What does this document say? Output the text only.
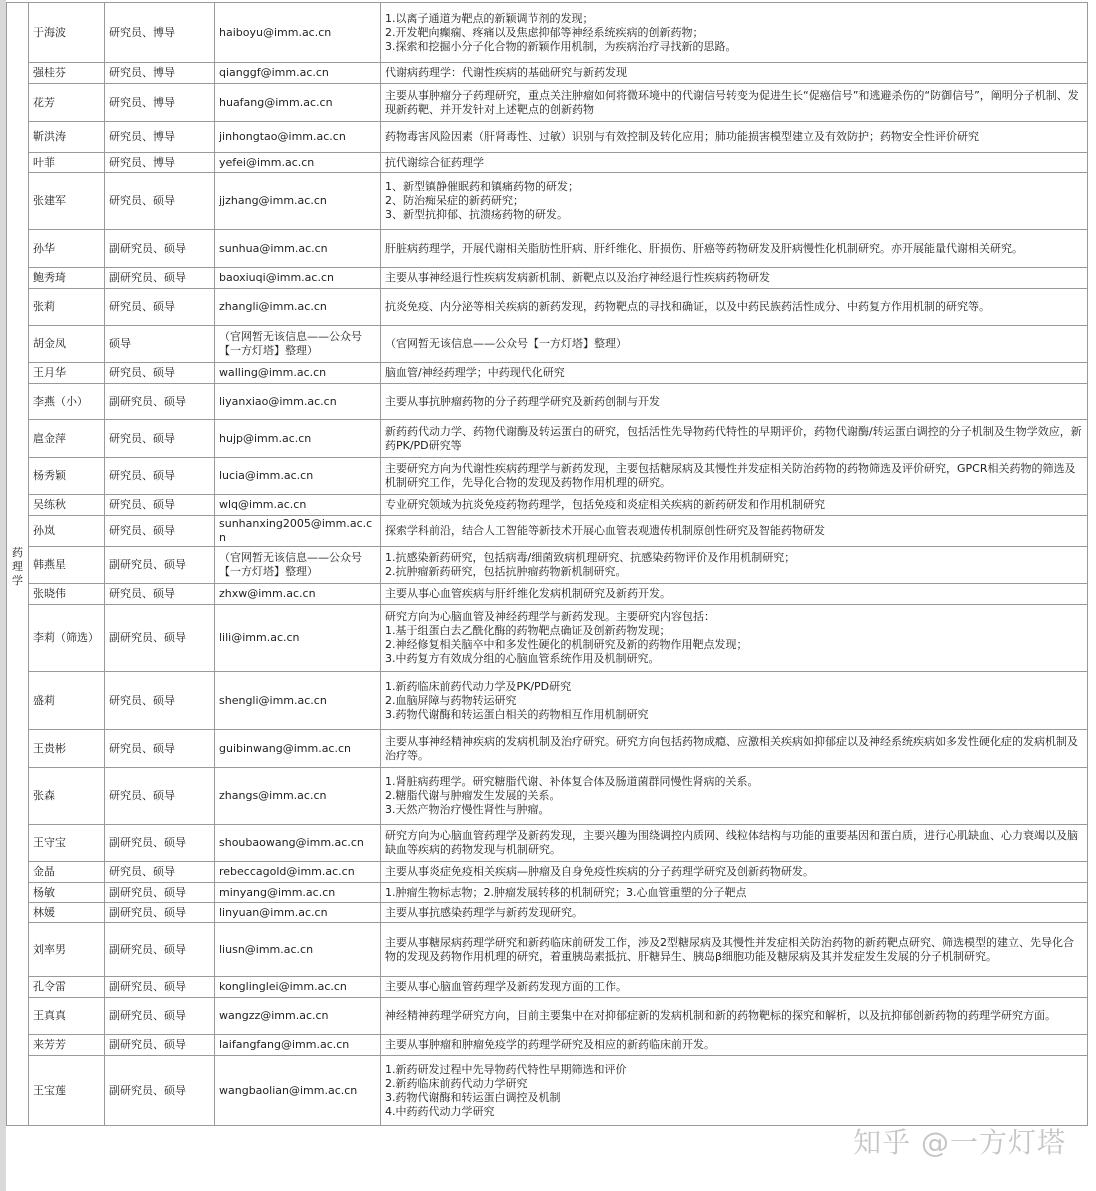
药理学	于海波	研究员、博导	haiboyu@imm.ac.cn	1.以离子通道为靶点的新颖调节剂的发现；
2.开发靶向癫痫、疼痛以及焦虑抑郁等神经系统疾病的创新药物；
3.探索和挖掘小分子化合物的新颖作用机制，为疾病治疗寻找新的思路。

	强桂芬	研究员、博导	qianggf@imm.ac.cn	代谢病药理学：代谢性疾病的基础研究与新药发现

	花芳	研究员、博导	huafang@imm.ac.cn	主要从事肿瘤分子药理研究，重点关注肿瘤如何将微环境中的代谢信号转变为促进生长“促癌信号”和逃避杀伤的“防御信号”，阐明分子机制、发现新药靶、并开发针对上述靶点的创新药物

	靳洪涛	研究员、博导	jinhongtao@imm.ac.cn	药物毒害风险因素（肝肾毒性、过敏）识别与有效控制及转化应用；肺功能损害模型建立及有效防护；药物安全性评价研究

	叶菲	研究员、博导	yefei@imm.ac.cn	抗代谢综合征药理学

	张建军	研究员、硕导	jjzhang@imm.ac.cn	1、新型镇静催眠药和镇痛药物的研发；
2、防治痴呆症的新药研究；
3、新型抗抑郁、抗溃疡药物的研发。

	孙华	副研究员、硕导	sunhua@imm.ac.cn	肝脏病药理学，开展代谢相关脂肪性肝病、肝纤维化、肝损伤、肝癌等药物研发及肝病慢性化机制研究。亦开展能量代谢相关研究。

	鲍秀琦	副研究员、硕导	baoxiuqi@imm.ac.cn	主要从事神经退行性疾病发病新机制、新靶点以及治疗神经退行性疾病药物研发

	张莉	研究员、硕导	zhangli@imm.ac.cn	抗炎免疫、内分泌等相关疾病的新药发现，药物靶点的寻找和确证，以及中药民族药活性成分、中药复方作用机制的研究等。

	胡金凤	硕导	（官网暂无该信息——公众号【一方灯塔】整理）	（官网暂无该信息——公众号【一方灯塔】整理）

	王月华	研究员、硕导	walling@imm.ac.cn	脑血管/神经药理学；中药现代化研究

	李燕（小）	副研究员、硕导	liyanxiao@imm.ac.cn	主要从事抗肿瘤药物的分子药理学研究及新药创制与开发

	扈金萍	研究员、硕导	hujp@imm.ac.cn	新药药代动力学、药物代谢酶及转运蛋白的研究，包括活性先导物药代特性的早期评价，药物代谢酶/转运蛋白调控的分子机制及生物学效应，新药PK/PD研究等

	杨秀颖	研究员、硕导	lucia@imm.ac.cn	主要研究方向为代谢性疾病药理学与新药发现，主要包括糖尿病及其慢性并发症相关防治药物的药物筛选及评价研究，GPCR相关药物的筛选及机制研究工作，先导化合物的发现及药物作用机理的研究。

	吴练秋	研究员、硕导	wlq@imm.ac.cn	专业研究领域为抗炎免疫药物药理学，包括免疫和炎症相关疾病的新药研发和作用机制研究

	孙岚	研究员、硕导	sunhanxing2005@imm.ac.cn	探索学科前沿，结合人工智能等新技术开展心血管表观遗传机制原创性研究及智能药物研发

	韩燕星	副研究员、硕导	（官网暂无该信息——公众号【一方灯塔】整理）	1.抗感染新药研究，包括病毒/细菌致病机理研究、抗感染药物评价及作用机制研究；
2.抗肿瘤新药研究，包括抗肿瘤药物新机制研究。

	张晓伟	研究员、硕导	zhxw@imm.ac.cn	主要从事心血管疾病与肝纤维化发病机制研究及新药开发。

	李莉（筛选）	副研究员、硕导	lili@imm.ac.cn	研究方向为心脑血管及神经药理学与新药发现。主要研究内容包括：
1.基于组蛋白去乙酰化酶的药物靶点确证及创新药物发现；
2.神经修复相关脑卒中和多发性硬化的机制研究及新的药物作用靶点发现；
3.中药复方有效成分组的心脑血管系统作用及机制研究。

	盛莉	研究员、硕导	shengli@imm.ac.cn	1.新药临床前药代动力学及PK/PD研究
2.血脑屏障与药物转运研究
3.药物代谢酶和转运蛋白相关的药物相互作用机制研究

	王贵彬	研究员、硕导	guibinwang@imm.ac.cn	主要从事神经精神疾病的发病机制及治疗研究。研究方向包括药物成瘾、应激相关疾病如抑郁症以及神经系统疾病如多发性硬化症的发病机制及治疗等。

	张森	研究员、硕导	zhangs@imm.ac.cn	1.肾脏病药理学。研究糖脂代谢、补体复合体及肠道菌群同慢性肾病的关系。
2.糖脂代谢与肿瘤发生发展的关系。
3.天然产物治疗慢性肾性与肿瘤。

	王守宝	副研究员、硕导	shoubaowang@imm.ac.cn	研究方向为心脑血管药理学及新药发现，主要兴趣为围绕调控内质网、线粒体结构与功能的重要基因和蛋白质，进行心肌缺血、心力衰竭以及脑缺血等疾病的药物发现与机制研究。

	金晶	研究员、硕导	rebeccagold@imm.ac.cn	主要从事炎症免疫相关疾病—肿瘤及自身免疫性疾病的分子药理学研究及创新药物研发。

	杨敏	副研究员、硕导	minyang@imm.ac.cn	1.肿瘤生物标志物；2.肿瘤发展转移的机制研究；3.心血管重塑的分子靶点

	林媛	副研究员、硕导	linyuan@imm.ac.cn	主要从事抗感染药理学与新药发现研究。

	刘率男	副研究员、硕导	liusn@imm.ac.cn	主要从事糖尿病药理学研究和新药临床前研发工作，涉及2型糖尿病及其慢性并发症相关防治药物的新药靶点研究、筛选模型的建立、先导化合物的发现及药物作用机理的研究，着重胰岛素抵抗、肝糖异生、胰岛β细胞功能及糖尿病及其并发症发生发展的分子机制研究。

	孔令雷	副研究员、硕导	konglinglei@imm.ac.cn	主要从事心脑血管药理学及新药发现方面的工作。

	王真真	副研究员、硕导	wangzz@imm.ac.cn	神经精神药理学研究方向，目前主要集中在对抑郁症新的发病机制和新的药物靶标的探究和解析，以及抗抑郁创新药物的药理学研究方面。

	来芳芳	副研究员、硕导	laifangfang@imm.ac.cn	主要从事肿瘤和肿瘤免疫学的药理学研究及相应的新药临床前开发。

	王宝莲	副研究员、硕导	wangbaolian@imm.ac.cn	1.新药研发过程中先导物药代特性早期筛选和评价
2.新药临床前药代动力学研究
3.药物代谢酶和转运蛋白调控及机制
4.中药药代动力学研究
知乎 @一方灯塔
